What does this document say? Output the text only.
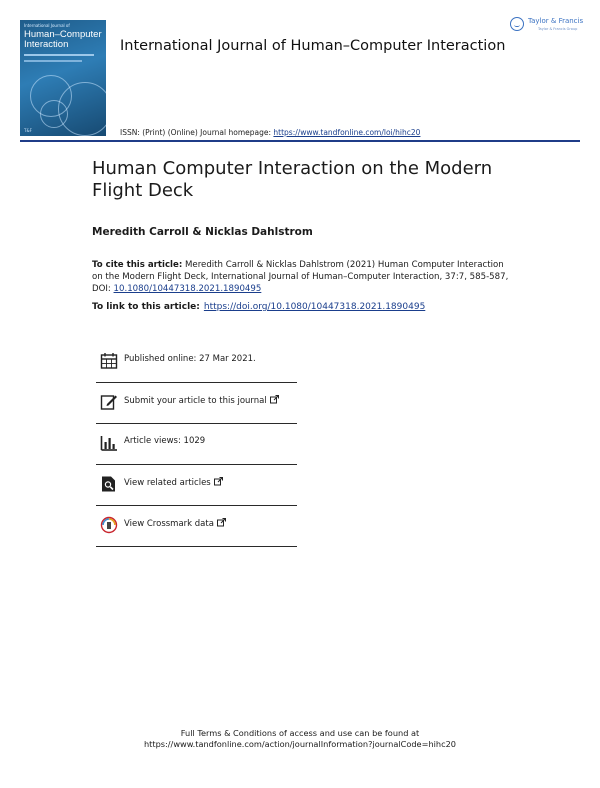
International Journal of
Human–Computer
Interaction
T&F
International Journal of Human–Computer Interaction
Taylor & Francis
Taylor & Francis Group
ISSN: (Print) (Online) Journal homepage: https://www.tandfonline.com/loi/hihc20
Human Computer Interaction on the Modern Flight Deck
Meredith Carroll & Nicklas Dahlstrom
To cite this article: Meredith Carroll & Nicklas Dahlstrom (2021) Human Computer Interaction on the Modern Flight Deck, International Journal of Human–Computer Interaction, 37:7, 585-587, DOI: 10.1080/10447318.2021.1890495
To link to this article: https://doi.org/10.1080/10447318.2021.1890495
Published online: 27 Mar 2021.
Submit your article to this journal
Article views: 1029
View related articles
View Crossmark data
Full Terms & Conditions of access and use can be found at
https://www.tandfonline.com/action/journalInformation?journalCode=hihc20
